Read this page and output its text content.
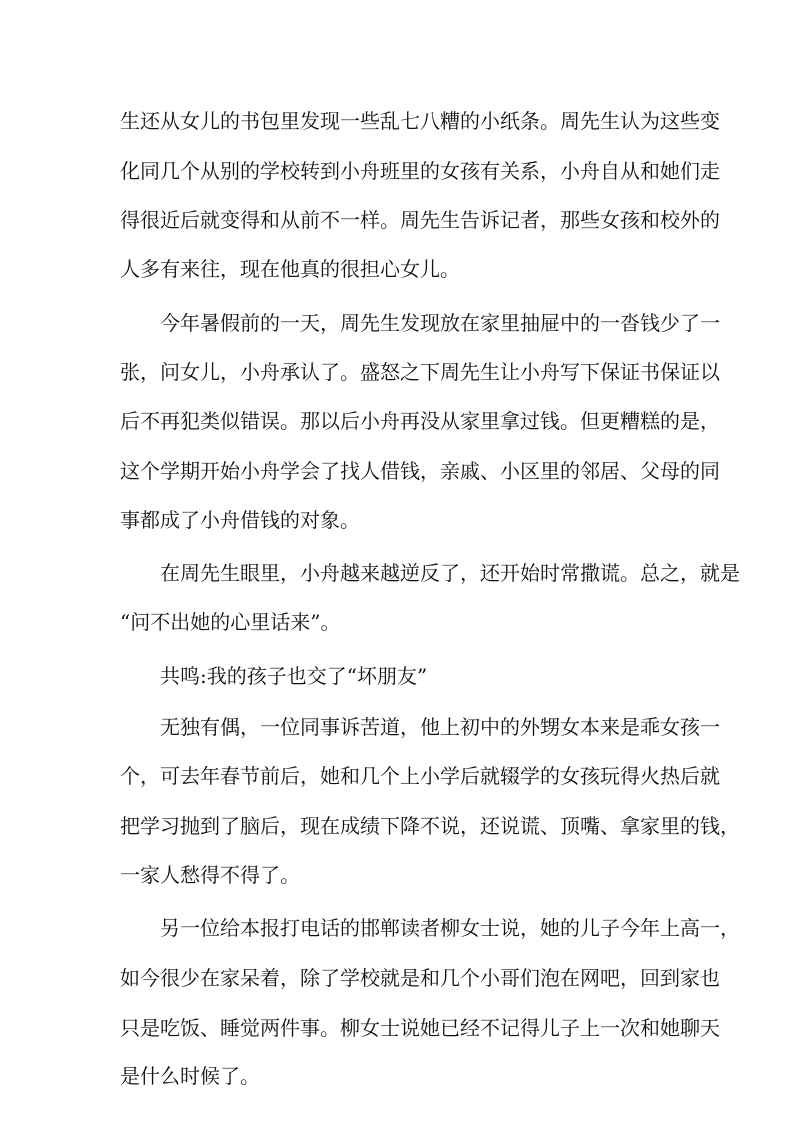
生还从女儿的书包里发现一些乱七八糟的小纸条。周先生认为这些变
化同几个从别的学校转到小舟班里的女孩有关系，小舟自从和她们走
得很近后就变得和从前不一样。周先生告诉记者，那些女孩和校外的
人多有来往，现在他真的很担心女儿。
今年暑假前的一天，周先生发现放在家里抽屉中的一沓钱少了一
张，问女儿，小舟承认了。盛怒之下周先生让小舟写下保证书保证以
后不再犯类似错误。那以后小舟再没从家里拿过钱。但更糟糕的是，
这个学期开始小舟学会了找人借钱，亲戚、小区里的邻居、父母的同
事都成了小舟借钱的对象。
在周先生眼里，小舟越来越逆反了，还开始时常撒谎。总之，就是
“问不出她的心里话来”。
共鸣:我的孩子也交了“坏朋友”
无独有偶，一位同事诉苦道，他上初中的外甥女本来是乖女孩一
个，可去年春节前后，她和几个上小学后就辍学的女孩玩得火热后就
把学习抛到了脑后，现在成绩下降不说，还说谎、顶嘴、拿家里的钱，
一家人愁得不得了。
另一位给本报打电话的邯郸读者柳女士说，她的儿子今年上高一，
如今很少在家呆着，除了学校就是和几个小哥们泡在网吧，回到家也
只是吃饭、睡觉两件事。柳女士说她已经不记得儿子上一次和她聊天
是什么时候了。
